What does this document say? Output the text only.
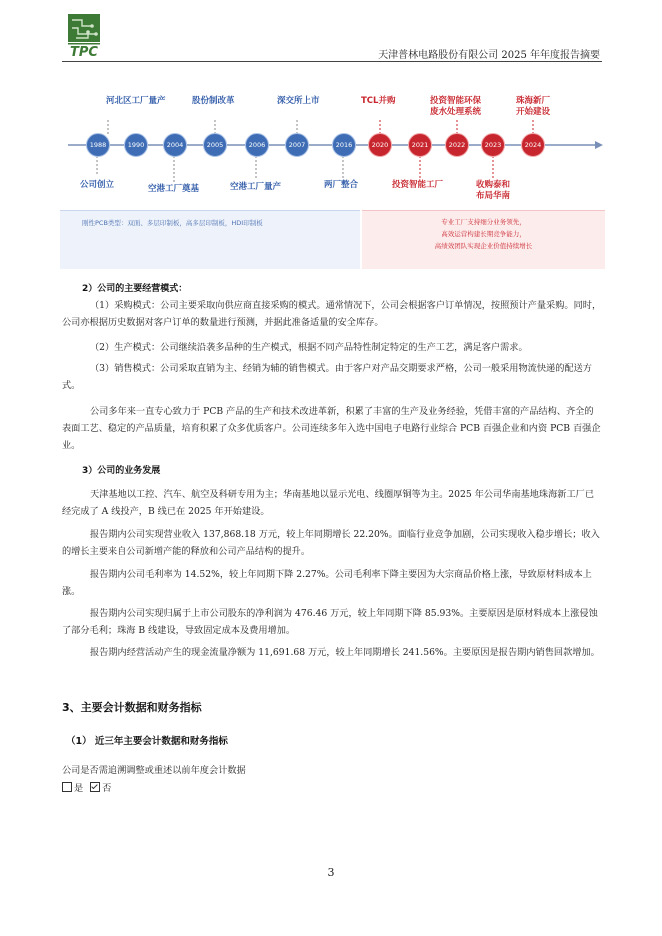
TPC	天津普林电路股份有限公司 2025 年年度报告摘要
1988	1990	2004	2005	2006	2007	2016	2020	2021	2022	2023	2024
河北区工厂量产	股份制改革	深交所上市	TCL并购	投资智能环保
废水处理系统
珠海新厂
开始建设
公司创立	空港工厂奠基	空港工厂量产	两厂整合	投资智能工厂	收购泰和
布局华南
刚性PCB类型：双面、多层印制板，高多层印制板，HDI印制板	专业工厂支持细分业务领先，
高效运营构建长期竞争能力，
高绩效团队实现企业价值持续增长
2）公司的主要经营模式：
（1）采购模式：公司主要采取向供应商直接采购的模式。通常情况下，公司会根据客户订单情况，按照预计产量采购。同时，公司亦根据历史数据对客户订单的数量进行预测，并据此准备适量的安全库存。
（2）生产模式：公司继续沿袭多品种的生产模式，根据不同产品特性制定特定的生产工艺，满足客户需求。
（3）销售模式：公司采取直销为主、经销为辅的销售模式。由于客户对产品交期要求严格，公司一般采用物流快递的配送方式。
公司多年来一直专心致力于 PCB 产品的生产和技术改进革新，积累了丰富的生产及业务经验，凭借丰富的产品结构、齐全的表面工艺、稳定的产品质量，培育积累了众多优质客户。公司连续多年入选中国电子电路行业综合 PCB 百强企业和内资 PCB 百强企业。
3）公司的业务发展
天津基地以工控、汽车、航空及科研专用为主；华南基地以显示光电、线圈厚铜等为主。2025 年公司华南基地珠海新工厂已经完成了 A 线投产，B 线已在 2025 年开始建设。
报告期内公司实现营业收入 137,868.18 万元，较上年同期增长 22.20%。面临行业竞争加剧，公司实现收入稳步增长；收入的增长主要来自公司新增产能的释放和公司产品结构的提升。
报告期内公司毛利率为 14.52%，较上年同期下降 2.27%。公司毛利率下降主要因为大宗商品价格上涨，导致原材料成本上涨。
报告期内公司实现归属于上市公司股东的净利润为 476.46 万元，较上年同期下降 85.93%。主要原因是原材料成本上涨侵蚀了部分毛利；珠海 B 线建设，导致固定成本及费用增加。
报告期内经营活动产生的现金流量净额为 11,691.68 万元，较上年同期增长 241.56%。主要原因是报告期内销售回款增加。
3、主要会计数据和财务指标
（1） 近三年主要会计数据和财务指标
公司是否需追溯调整或重述以前年度会计数据
是 否
3
